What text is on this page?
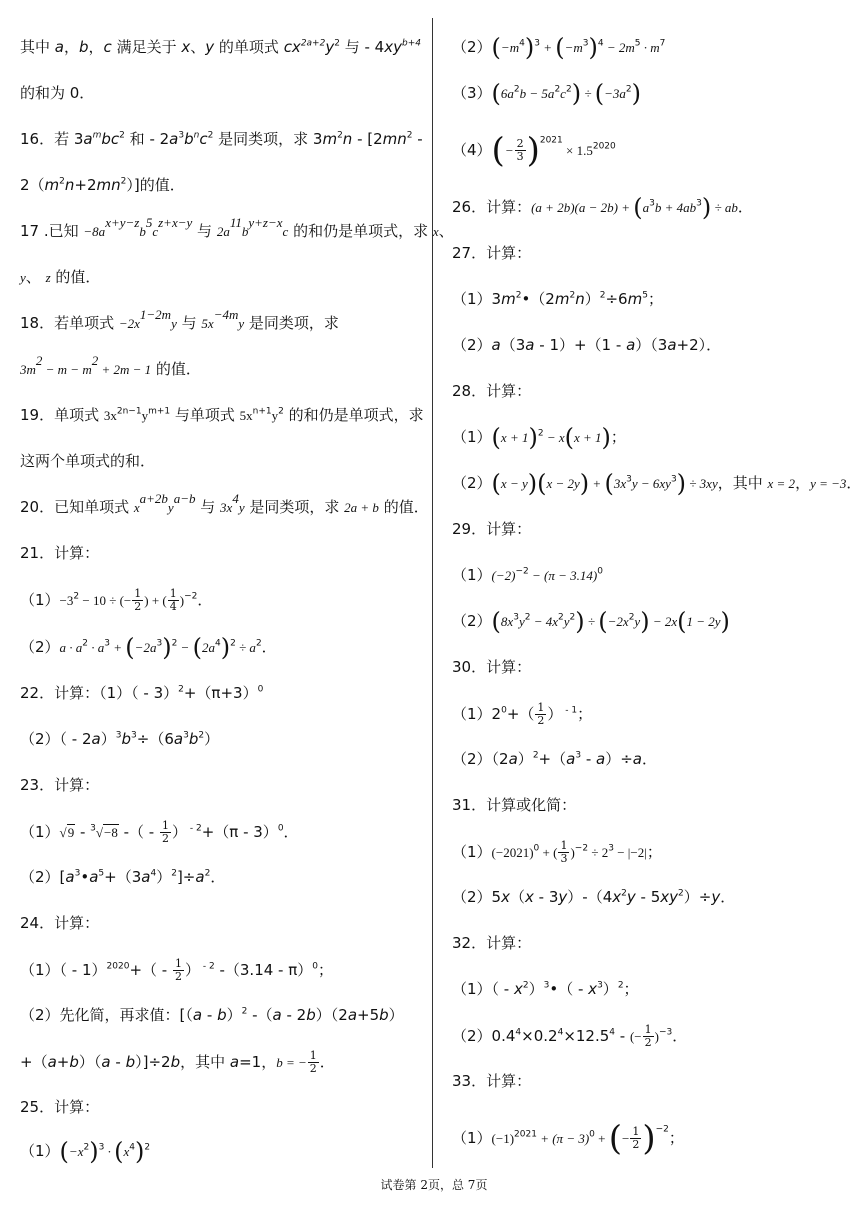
其中 a，b，c 满足关于 x、y 的单项式 $cx^{2a+2}y^2$ 与 - $4xy^{b+4}$
的和为 0．
16．若 $3a^mbc^2$ 和 - $2a^3b^nc^2$ 是同类项，求 $3m^2n - [2mn^2$ -
$2(m^2n+2mn^2)$]的值．
17 .已知 $-8a^{x+y-z}b^5c^{z+x-y}$ 与 $2a^{11}b^{y+z-x}c$ 的和仍是单项式，求 x、
y、 z 的值．
18．若单项式 $-2x^{1-2m}y$ 与 $5x^{-4m}y$ 是同类项，求
$3m^2 - m - m^2 + 2m - 1$ 的值．
19．单项式 $3x^{2n-1}y^{m+1}$ 与单项式 $5x^{n+1}y^2$ 的和仍是单项式，求
这两个单项式的和．
20．已知单项式 $x^{a+2b}y^{a-b}$ 与 $3x^4y$ 是同类项，求 2a + b 的值．
21．计算：
$(1)-3^2 - 10$ ÷ (− $\frac{1}{2}$ ) + ( $\frac{1}{4} )^{-2}$．
$(2)a \cdot a^2 \cdot a^3 + (-2a^3)^2 - (2a^4)^2 \div a^2$．
22．计算：$(1)( - 3)^2+(\pi+3)^0$
$(2)( - 2a)^3b^3\div(6a^3b^2)$
23．计算：
（1）√9 - $^3$√−8 -（ - $\frac{1}{2}$ ） $^{- 2}$+（π - 3）$^0$．
$(2)[a^3•a^5+(3a^4)^2]\div a^2$．
24．计算：
$(1)( - 1)^{2020}+( - \frac{1}{2}$ ） $^{- 2}$ -（3.14 - π）$^0$；
（2）先化简，再求值：[（a - b）$^2$ -（a - 2b）（2a+5b）
+（a+b）（a - b）]÷2b，其中 a=1，b = − $\frac{1}{2}$ ．
25．计算：
$(1)(-x^2)^3 \cdot (x^4)^2$
$(2)(-m^4)^3 + (-m^3)^4 - 2m^5 \cdot m^7$
$(3)(6a^2b - 5a^2c^2) \div (-3a^2)$
$(4)(- \frac{2}{3} )^{2021} \times 1.5^{2020}$
26．计算：$(a + 2b)(a - 2b) + (a^3b + 4ab^3)$ ÷ ab．
27．计算：
$(1)3m^2•(2m^2n)^2\div 6m^5$；
（2）a（3a - 1）+（1 - a）（3a+2）．
28．计算：
$(1)(x + 1)^2 - x(x + 1)$；
$(2)(x - y)(x - 2y) + (3x^3y - 6xy^3) \div 3xy$，其中 x = 2，y = −3．
29．计算：
$(1)(-2)^{-2} - (\pi - 3.14)^0$
$(2)(8x^3y^2 - 4x^2y^2) \div (-2x^2y) - 2x(1 - 2y)$
30．计算：
$(1)2^0+( \frac{1}{2}$ ） $^{- 1}$；
$(2)(2a)^2+(a^3 - a)\div a$．
31．计算或化简：
$(1)(-2021)^0$ + ( $\frac{1}{3} )^{-2} \div 2^3 - |-2|$；
$(2)5x(x - 3y)-(4x^2y - 5xy^2)\div y$．
32．计算：
$(1)( - x^2)^3•( - x^3)^2$；
$(2)0.4^4\times 0.2^4\times 12.5^4$ - (− $\frac{1}{2} )^{-3}$．
33．计算：
$(1)(-1)^{2021} + (\pi - 3)^0$ + (− $\frac{1}{2} )^{-2}$；
试卷第 2页，总 7页
